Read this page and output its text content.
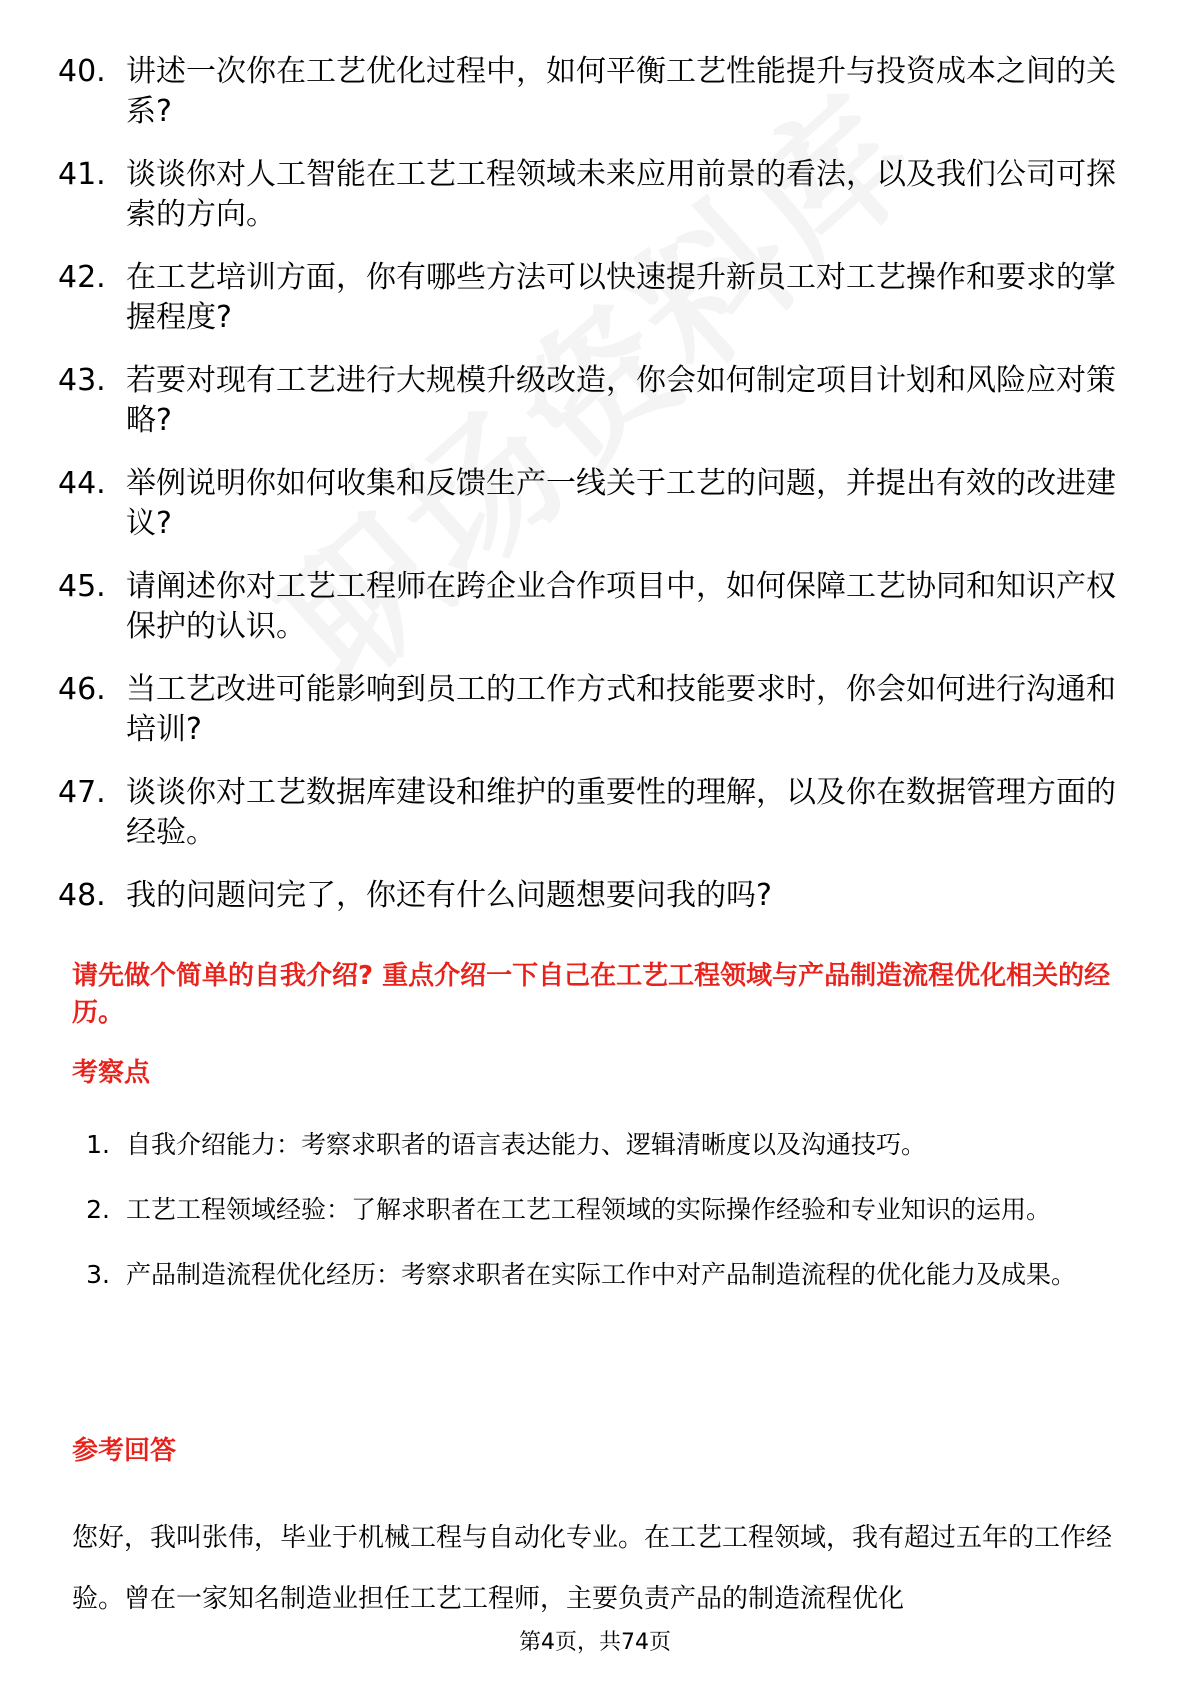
40. 讲述一次你在工艺优化过程中，如何平衡工艺性能提升与投资成本之间的关系?
41. 谈谈你对人工智能在工艺工程领域未来应用前景的看法，以及我们公司可探索的方向。
42. 在工艺培训方面，你有哪些方法可以快速提升新员工对工艺操作和要求的掌握程度?
43. 若要对现有工艺进行大规模升级改造，你会如何制定项目计划和风险应对策略?
44. 举例说明你如何收集和反馈生产一线关于工艺的问题，并提出有效的改进建议?
45. 请阐述你对工艺工程师在跨企业合作项目中，如何保障工艺协同和知识产权保护的认识。
46. 当工艺改进可能影响到员工的工作方式和技能要求时，你会如何进行沟通和培训?
47. 谈谈你对工艺数据库建设和维护的重要性的理解，以及你在数据管理方面的经验。
48. 我的问题问完了，你还有什么问题想要问我的吗?

请先做个简单的自我介绍? 重点介绍一下自己在工艺工程领域与产品制造流程优化相关的经历。

考察点

1. 自我介绍能力：考察求职者的语言表达能力、逻辑清晰度以及沟通技巧。
2. 工艺工程领域经验：了解求职者在工艺工程领域的实际操作经验和专业知识的运用。
3. 产品制造流程优化经历：考察求职者在实际工作中对产品制造流程的优化能力及成果。

参考回答

您好，我叫张伟，毕业于机械工程与自动化专业。在工艺工程领域，我有超过五年的工作经验。曾在一家知名制造业担任工艺工程师，主要负责产品的制造流程优化

第4页，共74页
